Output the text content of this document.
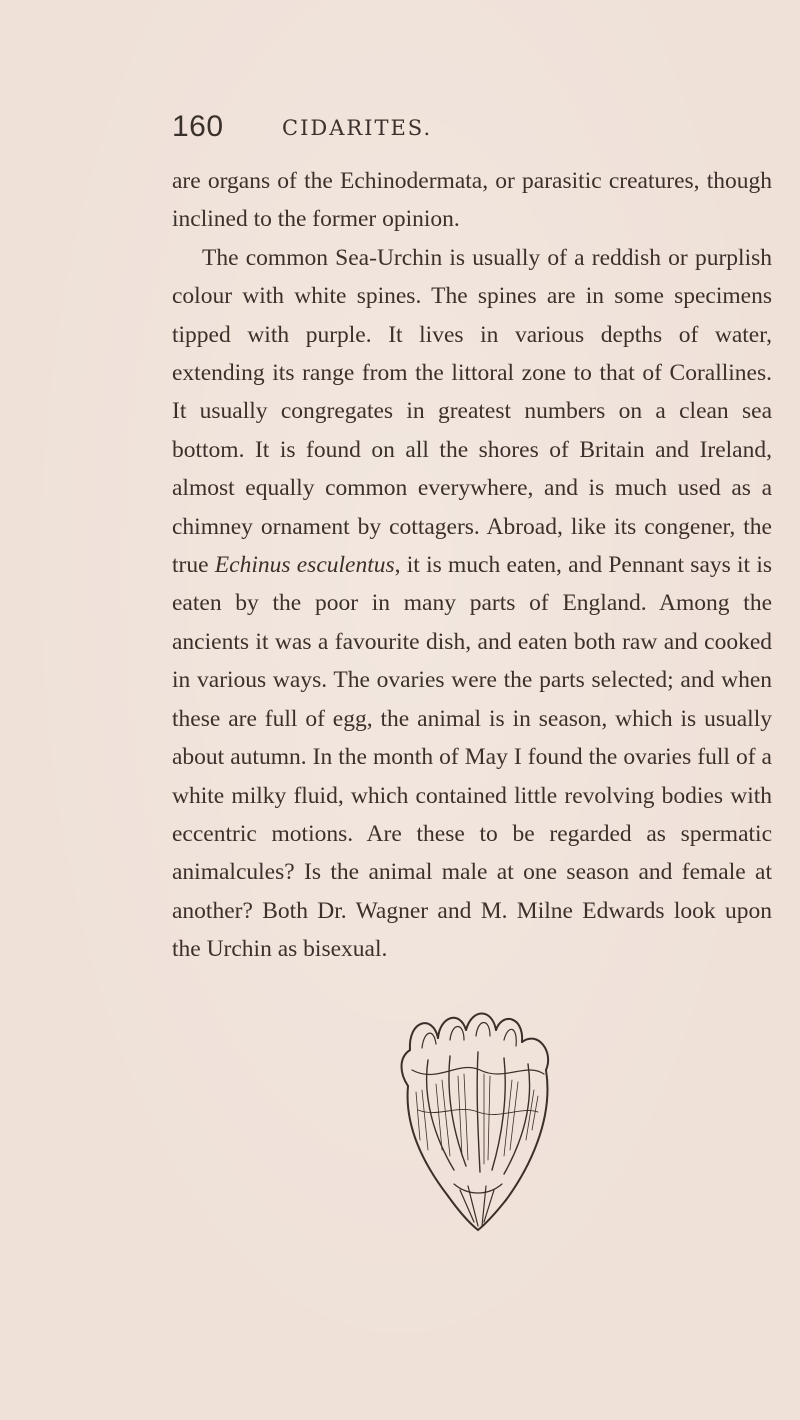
160	CIDARITES.

are organs of the Echinodermata, or parasitic creatures, though inclined to the former opinion.

The common Sea-Urchin is usually of a reddish or purplish colour with white spines. The spines are in some specimens tipped with purple. It lives in various depths of water, extending its range from the littoral zone to that of Corallines. It usually congregates in greatest numbers on a clean sea bottom. It is found on all the shores of Britain and Ireland, almost equally common everywhere, and is much used as a chimney ornament by cottagers. Abroad, like its congener, the true Echinus esculentus, it is much eaten, and Pennant says it is eaten by the poor in many parts of England. Among the ancients it was a favourite dish, and eaten both raw and cooked in various ways. The ovaries were the parts selected; and when these are full of egg, the animal is in season, which is usually about autumn. In the month of May I found the ovaries full of a white milky fluid, which contained little revolving bodies with eccentric motions. Are these to be regarded as spermatic animalcules? Is the animal male at one season and female at another? Both Dr. Wagner and M. Milne Edwards look upon the Urchin as bisexual.
